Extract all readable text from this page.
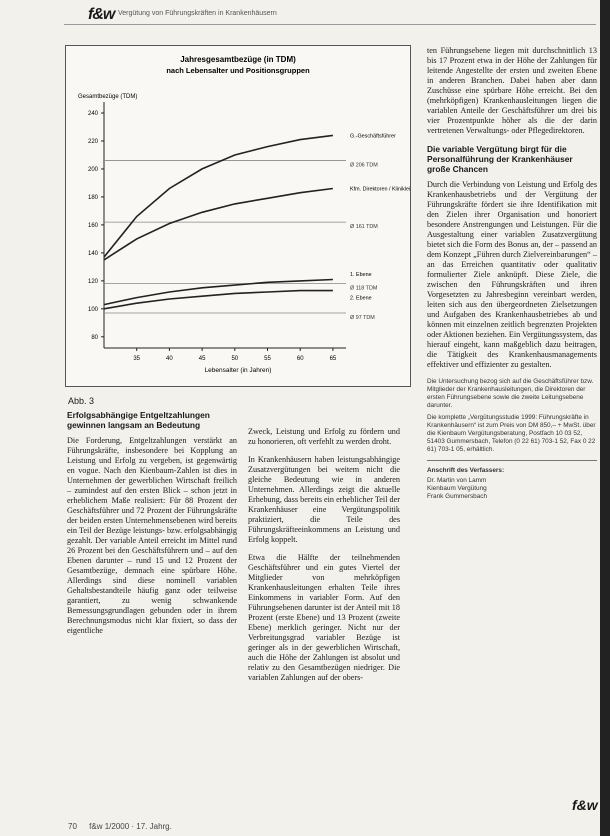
f&w Vergütung von Führungskräften in Krankenhäusern
Jahresgesamtbezüge (in TDM)
nach Lebensalter und Positionsgruppen
Gesamtbezüge (TDM)
Lebensalter (in Jahren)
80
100
120
140
160
180
200
220
240
35	40	45	50	55	60	65
Ø 206 TDM
Ø 161 TDM
Ø 118 TDM
Ø 97 TDM
G.-Geschäftsführer
Kfm. Direktoren / Klinikleiter
1. Ebene
2. Ebene
Abb. 3
Erfolgsabhängige Entgeltzahlungen gewinnen langsam an Bedeutung

Die Forderung, Entgeltzahlungen verstärkt an Führungskräfte, insbesondere bei Kopplung an Leistung und Erfolg zu vergeben, ist gegenwärtig en vogue. Nach den Kienbaum-Zahlen ist dies in Unternehmen der gewerblichen Wirtschaft freilich – zumindest auf den ersten Blick – schon jetzt in erheblichem Maße realisiert: Für 88 Prozent der Geschäftsführer und 72 Prozent der Führungskräfte der beiden ersten Unternehmensebenen wird bereits ein Teil der Bezüge leistungs- bzw. erfolgsabhängig gezahlt. Der variable Anteil erreicht im Mittel rund 26 Prozent bei den Geschäftsführern und – auf den Ebenen darunter – rund 15 und 12 Prozent der Gesamtbezüge, demnach eine spürbare Höhe. Allerdings sind diese nominell variablen Gehaltsbestandteile häufig ganz oder teilweise garantiert, zu wenig schwankende Bemessungsgrundlagen gebunden oder in ihrem Berechnungsmodus nicht klar fixiert, so dass der eigentliche

Zweck, Leistung und Erfolg zu fördern und zu honorieren, oft verfehlt zu werden droht.

In Krankenhäusern haben leistungsabhängige Zusatzvergütungen bei weitem nicht die gleiche Bedeutung wie in anderen Unternehmen. Allerdings zeigt die aktuelle Erhebung, dass bereits ein erheblicher Teil der Krankenhäuser eine Vergütungspolitik praktiziert, die Teile des Führungskräfteeinkommens an Leistung und Erfolg koppelt.

Etwa die Hälfte der teilnehmenden Geschäftsführer und ein gutes Viertel der Mitglieder von mehrköpfigen Krankenhausleitungen erhalten Teile ihres Einkommens in variabler Form. Auf den Führungsebenen darunter ist der Anteil mit 18 Prozent (erste Ebene) und 13 Prozent (zweite Ebene) merklich geringer. Nicht nur der Verbreitungsgrad variabler Bezüge ist geringer als in der gewerblichen Wirtschaft, auch die Höhe der Zahlungen ist absolut und relativ zu den Gesamtbezügen niedriger. Die variablen Zahlungen auf der obers-

ten Führungsebene liegen mit durchschnittlich 13 bis 17 Prozent etwa in der Höhe der Zahlungen für leitende Angestellte der ersten und zweiten Ebene in anderen Branchen. Dabei haben aber dann Zuschüsse eine spürbare Höhe erreicht. Bei den (mehrköpfigen) Krankenhausleitungen liegen die variablen Anteile der Geschäftsführer um drei bis vier Prozentpunkte höher als die der darin vertretenen Verwaltungs- oder Pflegedirektoren.

Die variable Vergütung birgt für die Personalführung der Krankenhäuser große Chancen

Durch die Verbindung von Leistung und Erfolg des Krankenhausbetriebs und der Vergütung der Führungskräfte fördert sie ihre Identifikation mit den Zielen ihrer Organisation und honoriert besondere Anstrengungen und Leistungen. Für die Ausgestaltung einer variablen Zusatzvergütung bietet sich die Form des Bonus an, der – passend an dem Konzept „Führen durch Zielvereinbarungen“ – an das Erreichen quantitativ oder qualitativ formulierter Ziele anknüpft. Diese Ziele, die zwischen den Führungskräften und ihren Vorgesetzten zu Jahresbeginn vereinbart werden, leiten sich aus den übergeordneten Zielsetzungen und Aufgaben des Krankenhausbetriebes ab und können mit einzelnen zeitlich begrenzten Projekten oder Aktionen beziehen. Ein Vergütungssystem, das hierauf eingeht, kann maßgeblich dazu beitragen, die Tätigkeit des Krankenhausmanagements effektiver und effizienter zu gestalten.

Die Untersuchung bezog sich auf die Geschäftsführer bzw. Mitglieder der Krankenhausleitungen, die Direktoren der ersten Führungsebene sowie die zweite Leitungsebene darunter.

Die komplette „Vergütungsstudie 1999: Führungskräfte in Krankenhäusern“ ist zum Preis von DM 850,– + MwSt. über die Kienbaum Vergütungsberatung, Postfach 10 03 52, 51403 Gummersbach, Telefon (0 22 61) 703-1 52, Fax 0 22 61) 703-1 05, erhältlich.

Anschrift des Verfassers:

Dr. Martin von Lamm
Kienbaum Vergütung
Frank Gummersbach
f&w
70 f&w 1/2000 · 17. Jahrg.
